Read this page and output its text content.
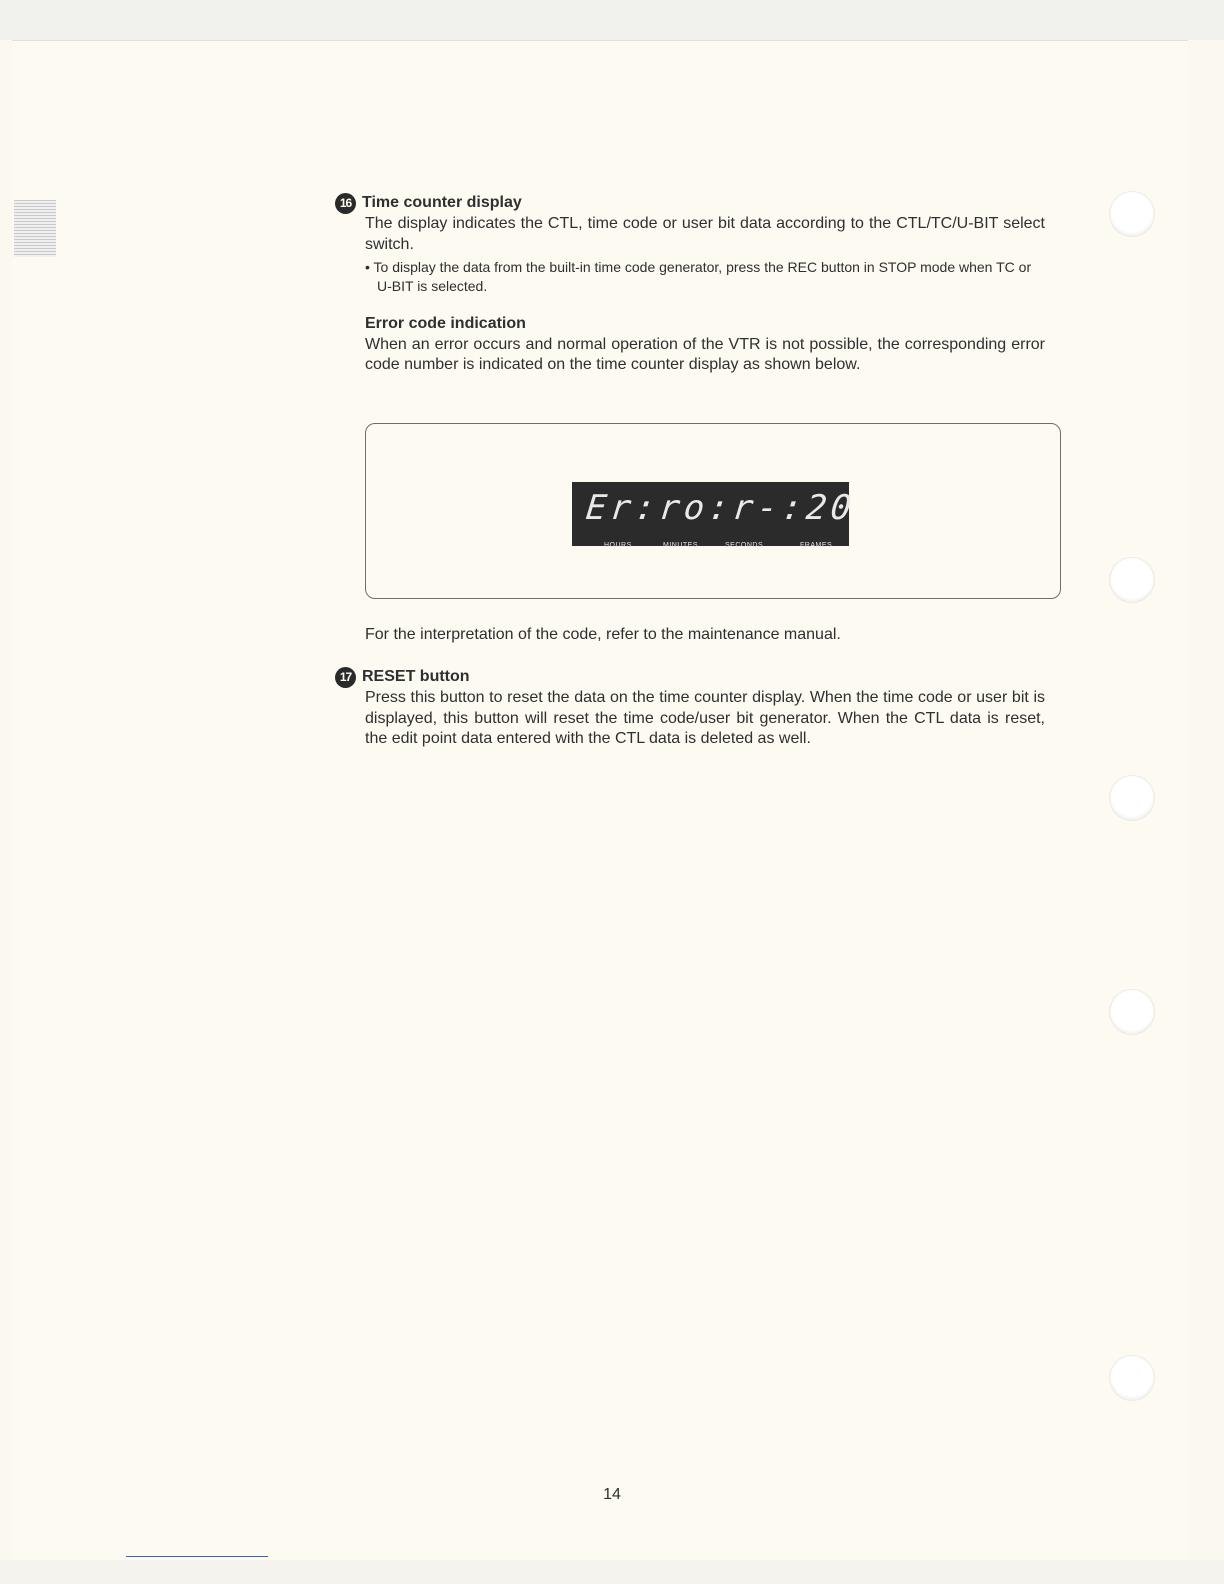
16 Time counter display
The display indicates the CTL, time code or user bit data according to the CTL/TC/U-BIT select switch.
• To display the data from the built-in time code generator, press the REC button in STOP mode when TC or U-BIT is selected.
Error code indication
When an error occurs and normal operation of the VTR is not possible, the corresponding error code number is indicated on the time counter display as shown below.
Er:ro:r-:20
HOURS	MINUTES	SECONDS	FRAMES
For the interpretation of the code, refer to the maintenance manual.
17 RESET button
Press this button to reset the data on the time counter display. When the time code or user bit is displayed, this button will reset the time code/user bit generator. When the CTL data is reset, the edit point data entered with the CTL data is deleted as well.
14
